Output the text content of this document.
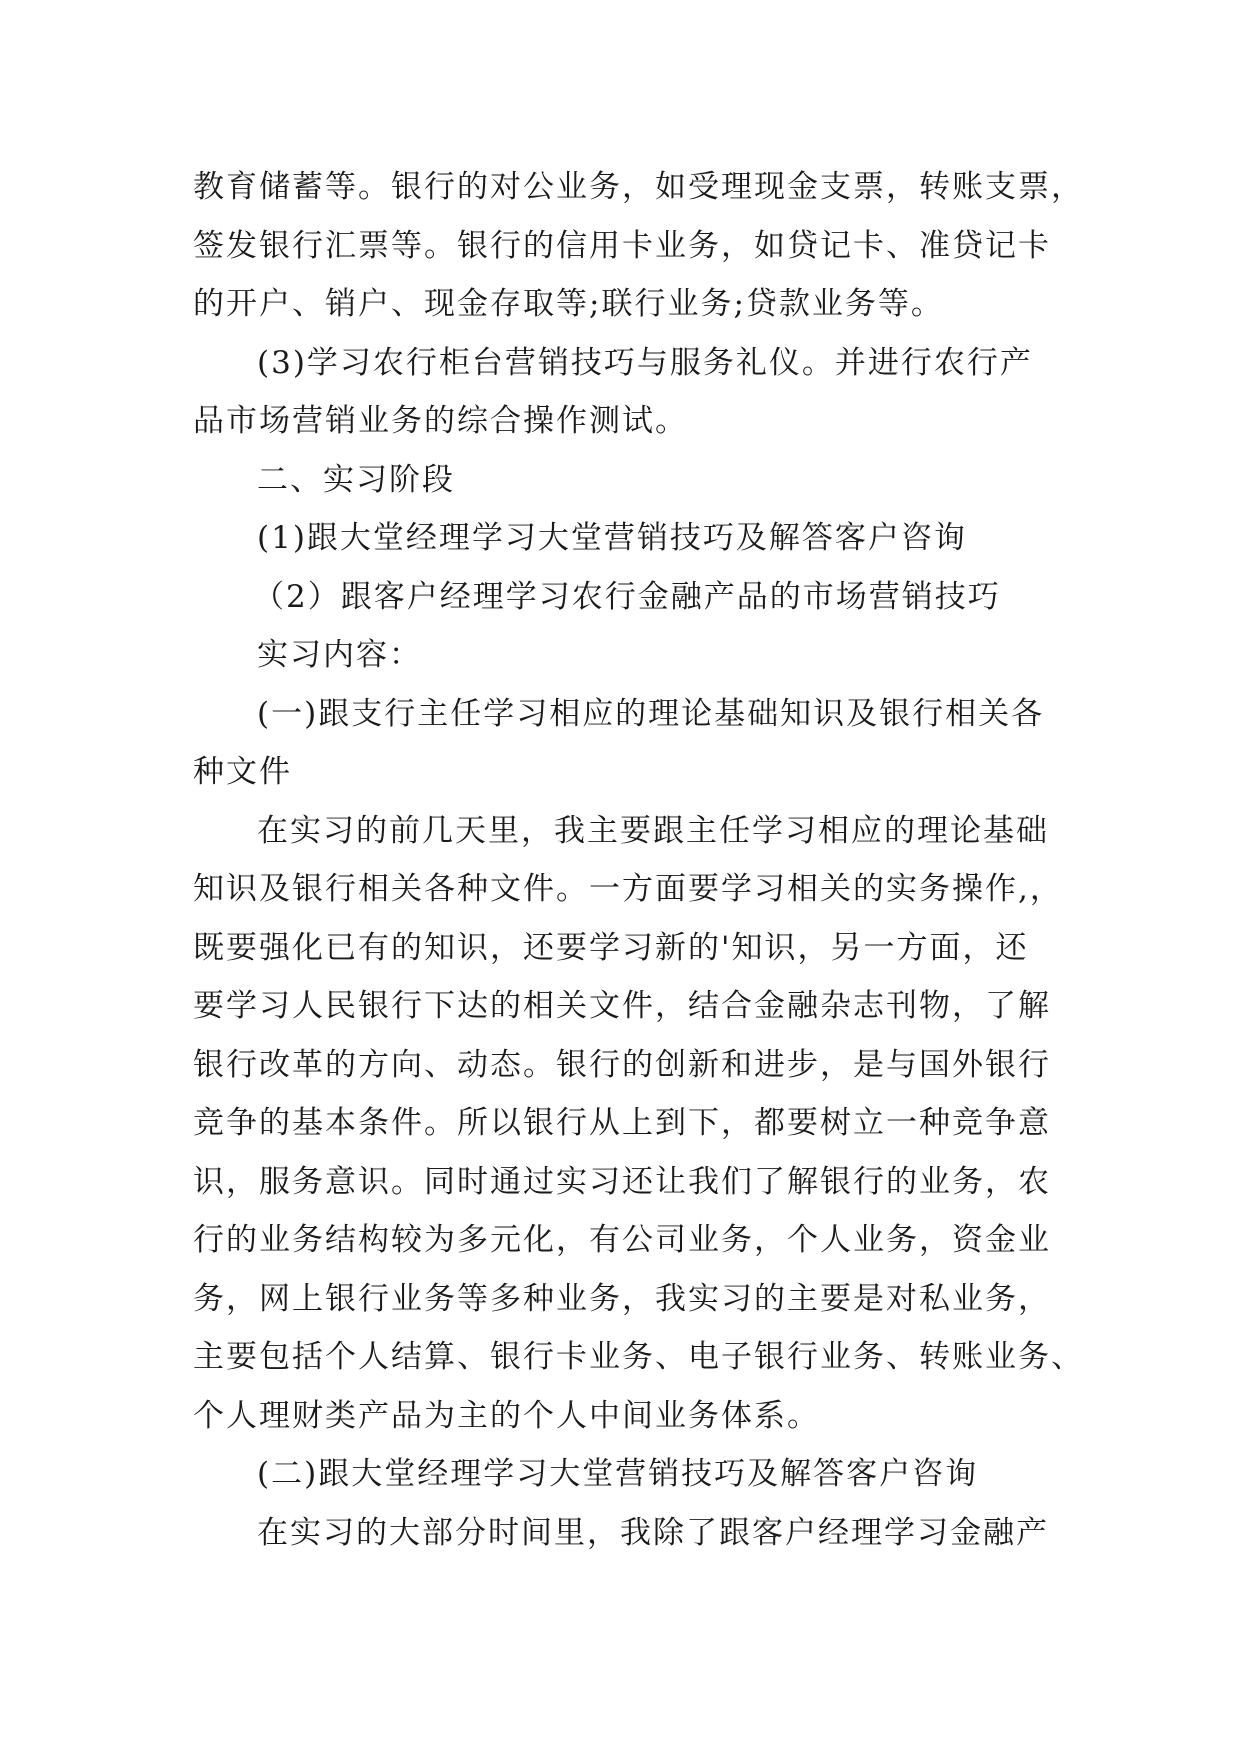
教育储蓄等。银行的对公业务，如受理现金支票，转账支票，

签发银行汇票等。银行的信用卡业务，如贷记卡、准贷记卡

的开户、销户、现金存取等;联行业务;贷款业务等。

(3)学习农行柜台营销技巧与服务礼仪。并进行农行产

品市场营销业务的综合操作测试。

二、实习阶段

(1)跟大堂经理学习大堂营销技巧及解答客户咨询

（2）跟客户经理学习农行金融产品的市场营销技巧

实习内容：

(一)跟支行主任学习相应的理论基础知识及银行相关各

种文件

在实习的前几天里，我主要跟主任学习相应的理论基础

知识及银行相关各种文件。一方面要学习相关的实务操作,，

既要强化已有的知识，还要学习新的'知识，另一方面，还

要学习人民银行下达的相关文件，结合金融杂志刊物，了解

银行改革的方向、动态。银行的创新和进步，是与国外银行

竞争的基本条件。所以银行从上到下，都要树立一种竞争意

识，服务意识。同时通过实习还让我们了解银行的业务，农

行的业务结构较为多元化，有公司业务，个人业务，资金业

务，网上银行业务等多种业务，我实习的主要是对私业务，

主要包括个人结算、银行卡业务、电子银行业务、转账业务、

个人理财类产品为主的个人中间业务体系。

(二)跟大堂经理学习大堂营销技巧及解答客户咨询

在实习的大部分时间里，我除了跟客户经理学习金融产
